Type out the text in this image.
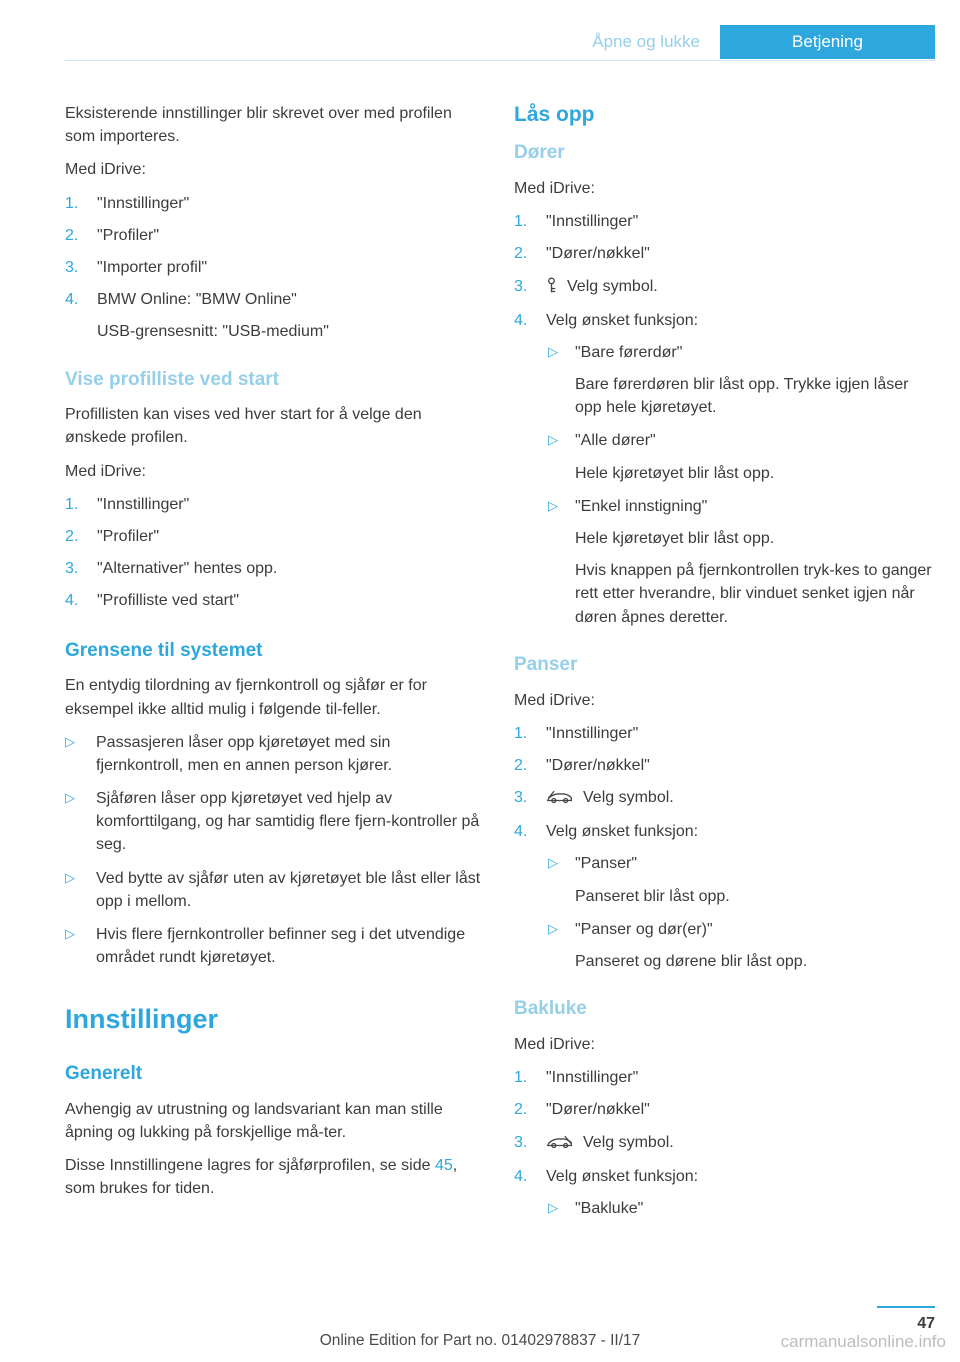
Åpne og lukke	Betjening

Eksisterende innstillinger blir skrevet over med profilen som importeres.

Med iDrive:

"Innstillinger"
"Profiler"
"Importer profil"
BMW Online: "BMW Online"
USB-grensesnitt: "USB-medium"
Vise profilliste ved start

Profillisten kan vises ved hver start for å velge den ønskede profilen.

Med iDrive:

"Innstillinger"
"Profiler"
"Alternativer" hentes opp.
"Profilliste ved start"
Grensene til systemet

En entydig tilordning av fjernkontroll og sjåfør er for eksempel ikke alltid mulig i følgende til-feller.

▷
Passasjeren låser opp kjøretøyet med sin fjernkontroll, men en annen person kjører.
▷
Sjåføren låser opp kjøretøyet ved hjelp av komforttilgang, og har samtidig flere fjern-kontroller på seg.
▷
Ved bytte av sjåfør uten av kjøretøyet ble låst eller låst opp i mellom.
▷
Hvis flere fjernkontroller befinner seg i det utvendige området rundt kjøretøyet.
Innstillinger
Generelt

Avhengig av utrustning og landsvariant kan man stille åpning og lukking på forskjellige må-ter.

Disse Innstillingene lagres for sjåførprofilen, se side 45, som brukes for tiden.

Lås opp
Dører

Med iDrive:

"Innstillinger"
"Dører/nøkkel"
Velg symbol.
Velg ønsket funksjon:
▷
"Bare førerdør"
Bare førerdøren blir låst opp. Trykke igjen låser opp hele kjøretøyet.
▷
"Alle dører"
Hele kjøretøyet blir låst opp.
▷
"Enkel innstigning"
Hele kjøretøyet blir låst opp.
Hvis knappen på fjernkontrollen tryk-kes to ganger rett etter hverandre, blir vinduet senket igjen når døren åpnes deretter.
Panser

Med iDrive:

"Innstillinger"
"Dører/nøkkel"
Velg symbol.
Velg ønsket funksjon:
▷
"Panser"
Panseret blir låst opp.
▷
"Panser og dør(er)"
Panseret og dørene blir låst opp.
Bakluke

Med iDrive:

"Innstillinger"
"Dører/nøkkel"
Velg symbol.
Velg ønsket funksjon:
▷
"Bakluke"
47
Online Edition for Part no. 01402978837 - II/17	carmanualsonline.info
